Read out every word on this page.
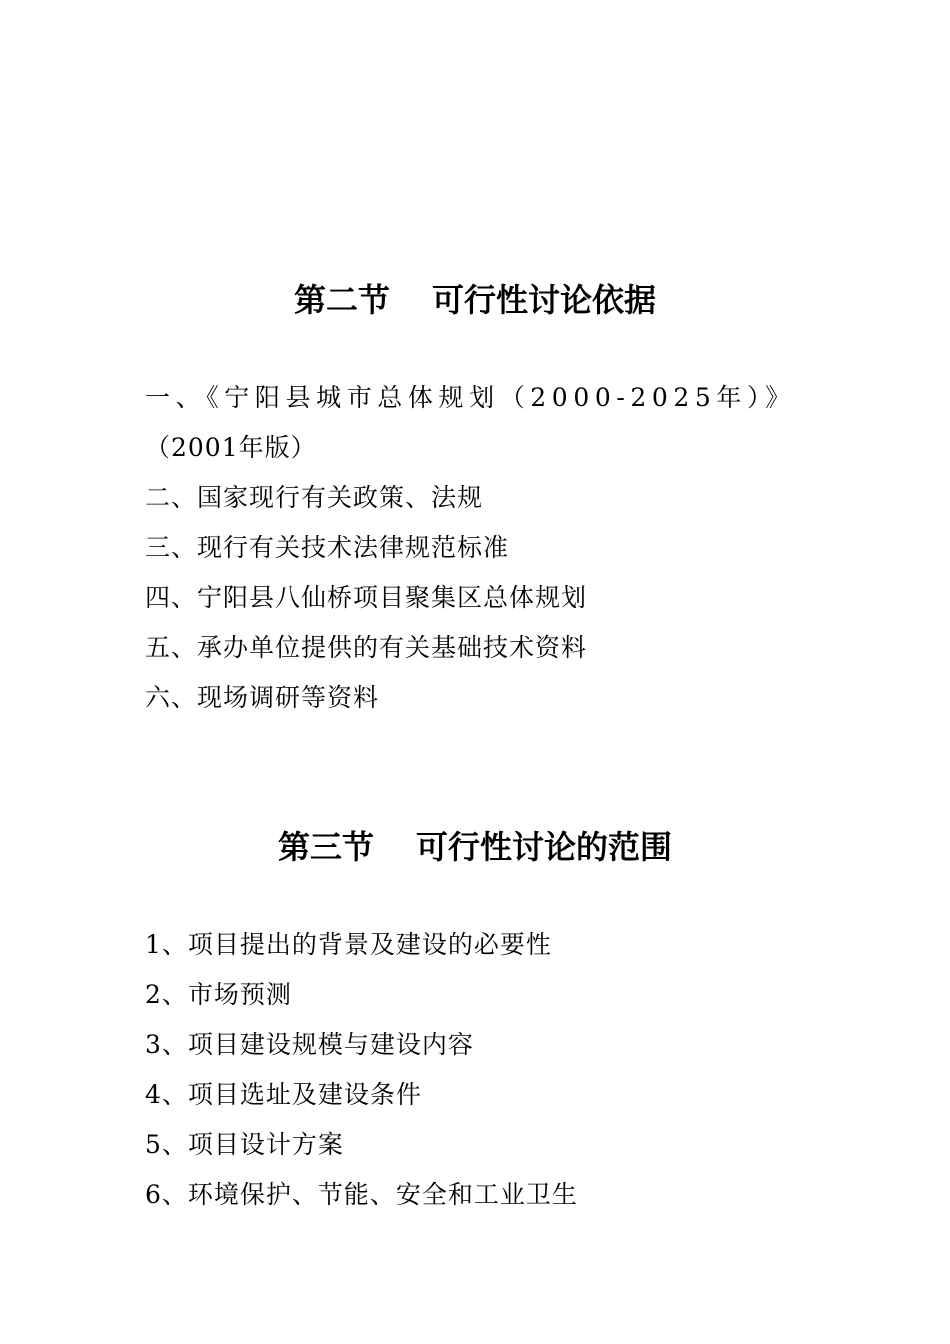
第二节 可行性讨论依据
一、《宁阳县城市总体规划（2000-2025年）》
（2001年版）
二、国家现行有关政策、法规
三、现行有关技术法律规范标准
四、宁阳县八仙桥项目聚集区总体规划
五、承办单位提供的有关基础技术资料
六、现场调研等资料
第三节 可行性讨论的范围
1、项目提出的背景及建设的必要性
2、市场预测
3、项目建设规模与建设内容
4、项目选址及建设条件
5、项目设计方案
6、环境保护、节能、安全和工业卫生
